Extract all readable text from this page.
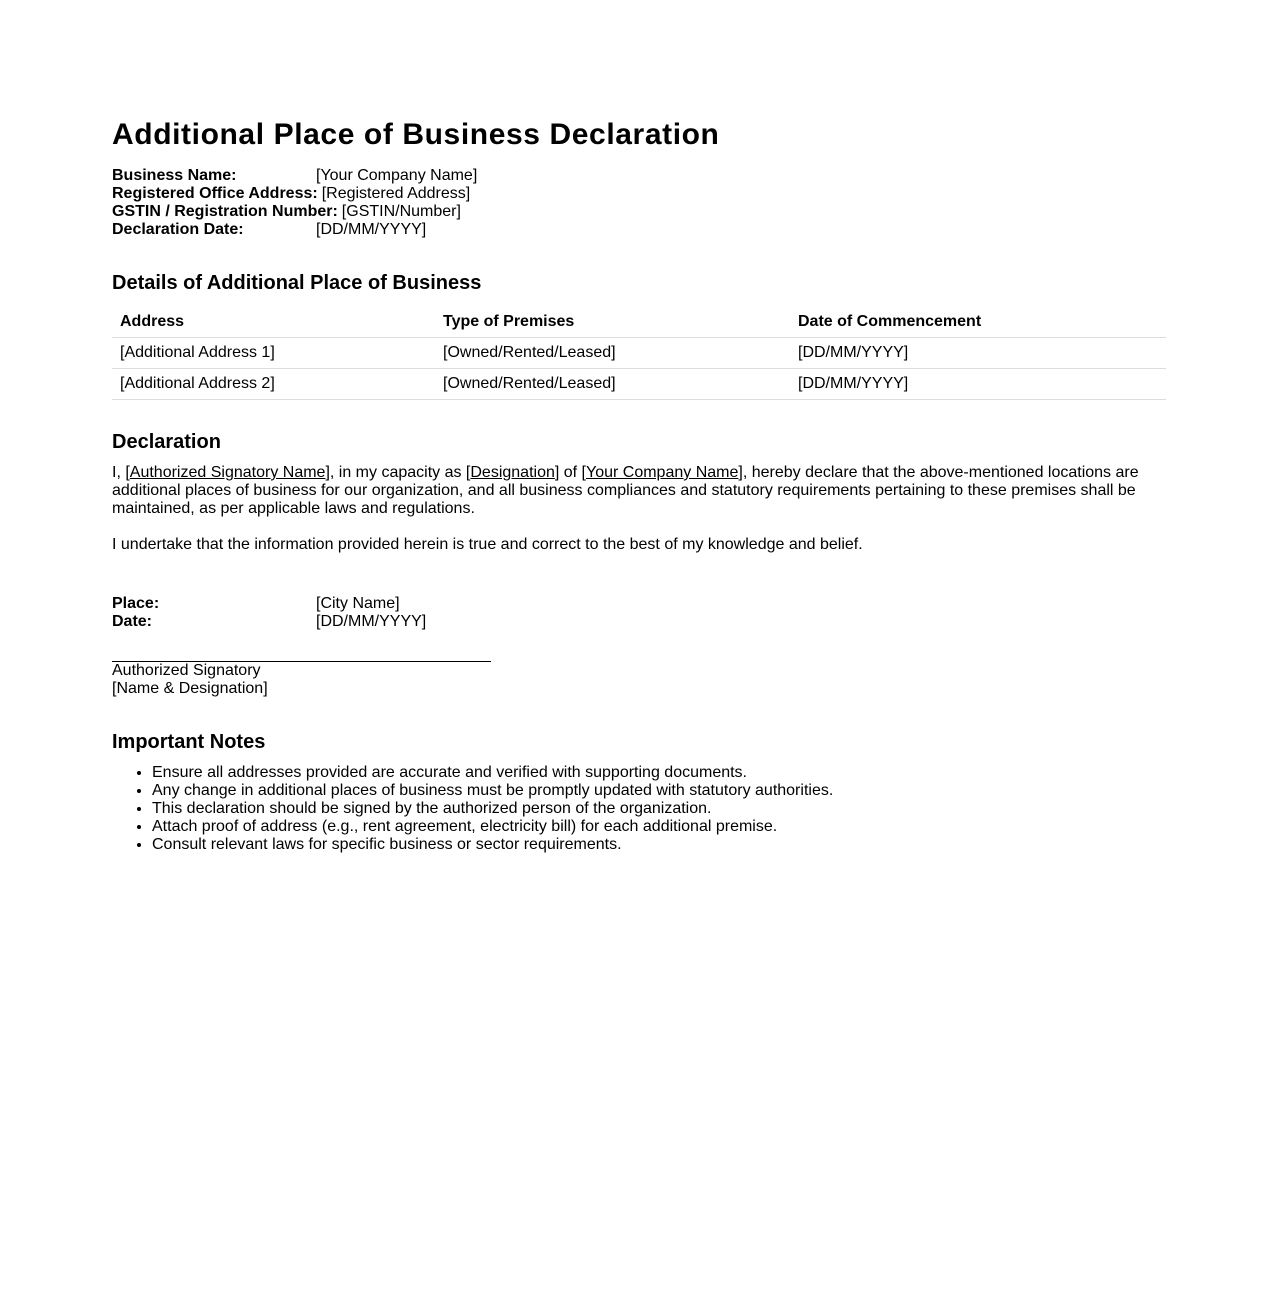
Additional Place of Business Declaration
Business Name:	[Your Company Name]
Registered Office Address: [Registered Address]
GSTIN / Registration Number: [GSTIN/Number]
Declaration Date:	[DD/MM/YYYY]
Details of Additional Place of Business
Address	Type of Premises	Date of Commencement
[Additional Address 1]	[Owned/Rented/Leased]	[DD/MM/YYYY]
[Additional Address 2]	[Owned/Rented/Leased]	[DD/MM/YYYY]
Declaration

I, [Authorized Signatory Name], in my capacity as [Designation] of [Your Company Name], hereby declare that the above-mentioned locations are additional places of business for our organization, and all business compliances and statutory requirements pertaining to these premises shall be maintained, as per applicable laws and regulations.

I undertake that the information provided herein is true and correct to the best of my knowledge and belief.

Place:	[City Name]
Date:	[DD/MM/YYYY]
Authorized Signatory
[Name & Designation]
Important Notes
• Ensure all addresses provided are accurate and verified with supporting documents.
• Any change in additional places of business must be promptly updated with statutory authorities.
• This declaration should be signed by the authorized person of the organization.
• Attach proof of address (e.g., rent agreement, electricity bill) for each additional premise.
• Consult relevant laws for specific business or sector requirements.
